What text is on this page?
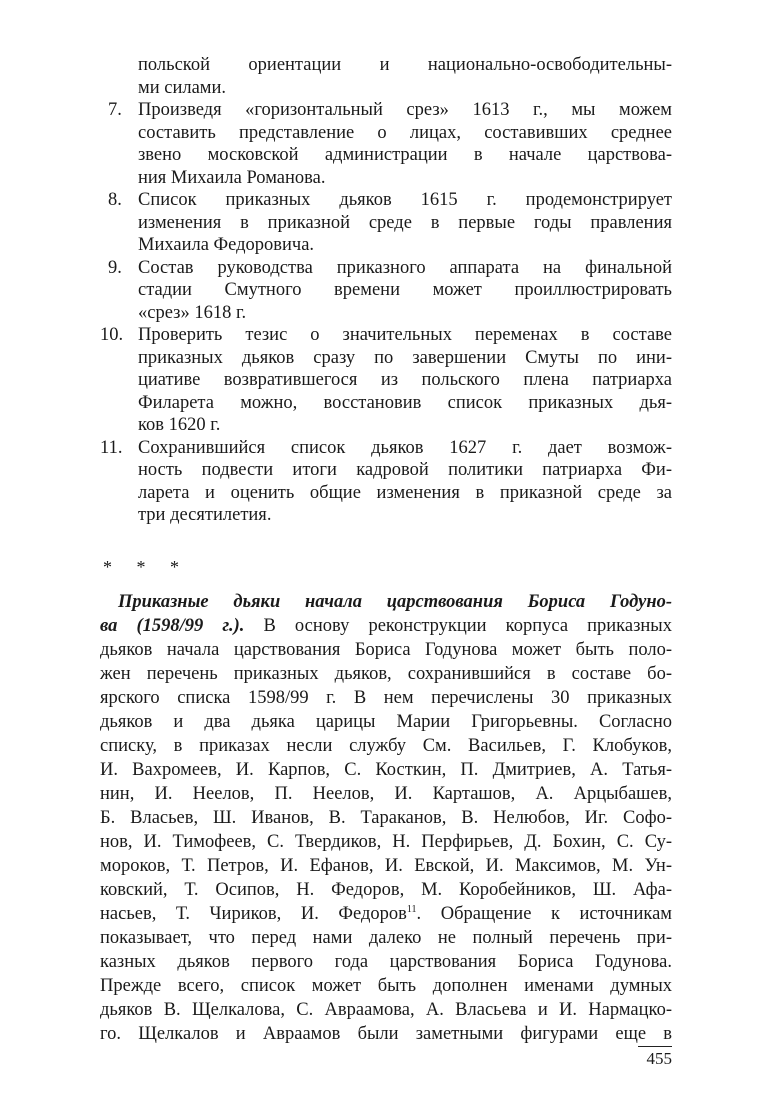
польской ориентации и национально-освободительны-
ми силами.
7. Произведя «горизонтальный срез» 1613 г., мы можем
составить представление о лицах, составивших среднее
звено московской администрации в начале царствова-
ния Михаила Романова.
8. Список приказных дьяков 1615 г. продемонстрирует
изменения в приказной среде в первые годы правления
Михаила Федоровича.
9. Состав руководства приказного аппарата на финальной
стадии Смутного времени может проиллюстрировать
«срез» 1618 г.
10. Проверить тезис о значительных переменах в составе
приказных дьяков сразу по завершении Смуты по ини-
циативе возвратившегося из польского плена патриарха
Филарета можно, восстановив список приказных дья-
ков 1620 г.
11. Сохранившийся список дьяков 1627 г. дает возмож-
ность подвести итоги кадровой политики патриарха Фи-
ларета и оценить общие изменения в приказной среде за
три десятилетия.
* * *
Приказные дьяки начала царствования Бориса Годуно-
ва (1598/99 г.). В основу реконструкции корпуса приказных
дьяков начала царствования Бориса Годунова может быть поло-
жен перечень приказных дьяков, сохранившийся в составе бо-
ярского списка 1598/99 г. В нем перечислены 30 приказных
дьяков и два дьяка царицы Марии Григорьевны. Согласно
списку, в приказах несли службу См. Васильев, Г. Клобуков,
И. Вахромеев, И. Карпов, С. Косткин, П. Дмитриев, А. Татья-
нин, И. Неелов, П. Неелов, И. Карташов, А. Арцыбашев,
Б. Власьев, Ш. Иванов, В. Тараканов, В. Нелюбов, Иг. Софо-
нов, И. Тимофеев, С. Твердиков, Н. Перфирьев, Д. Бохин, С. Су-
мороков, Т. Петров, И. Ефанов, И. Евской, И. Максимов, М. Ун-
ковский, Т. Осипов, Н. Федоров, М. Коробейников, Ш. Афа-
насьев, Т. Чириков, И. Федоров$^{11}$. Обращение к источникам
показывает, что перед нами далеко не полный перечень при-
казных дьяков первого года царствования Бориса Годунова.
Прежде всего, список может быть дополнен именами думных
дьяков В. Щелкалова, С. Авраамова, А. Власьева и И. Нармацко-
го. Щелкалов и Авраамов были заметными фигурами еще в
455
